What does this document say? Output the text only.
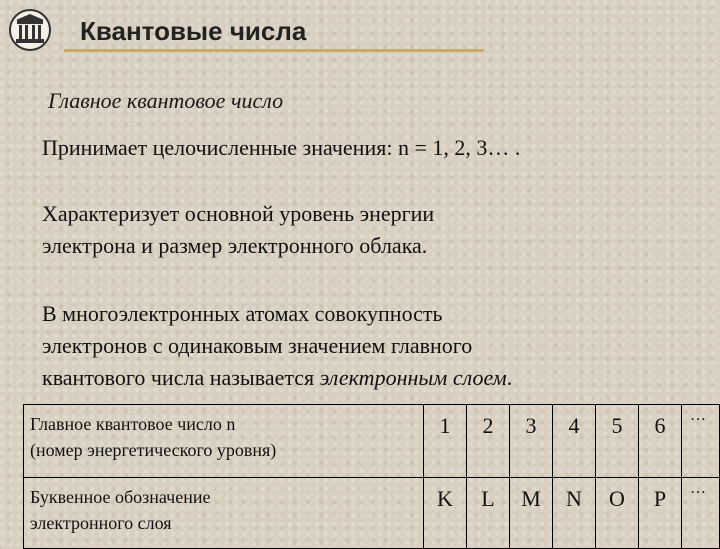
Квантовые числа
Главное квантовое число
Принимает целочисленные значения: n = 1, 2, 3… .
Характеризует основной уровень энергии
электрона и размер электронного облака.
В многоэлектронных атомах совокупность
электронов с одинаковым значением главного
квантового числа называется электронным слоем.
Главное квантовое число n
(номер энергетического уровня)	1	2	3	4	5	6	…

Буквенное обозначение
электронного слоя	K	L	M	N	O	P	…
